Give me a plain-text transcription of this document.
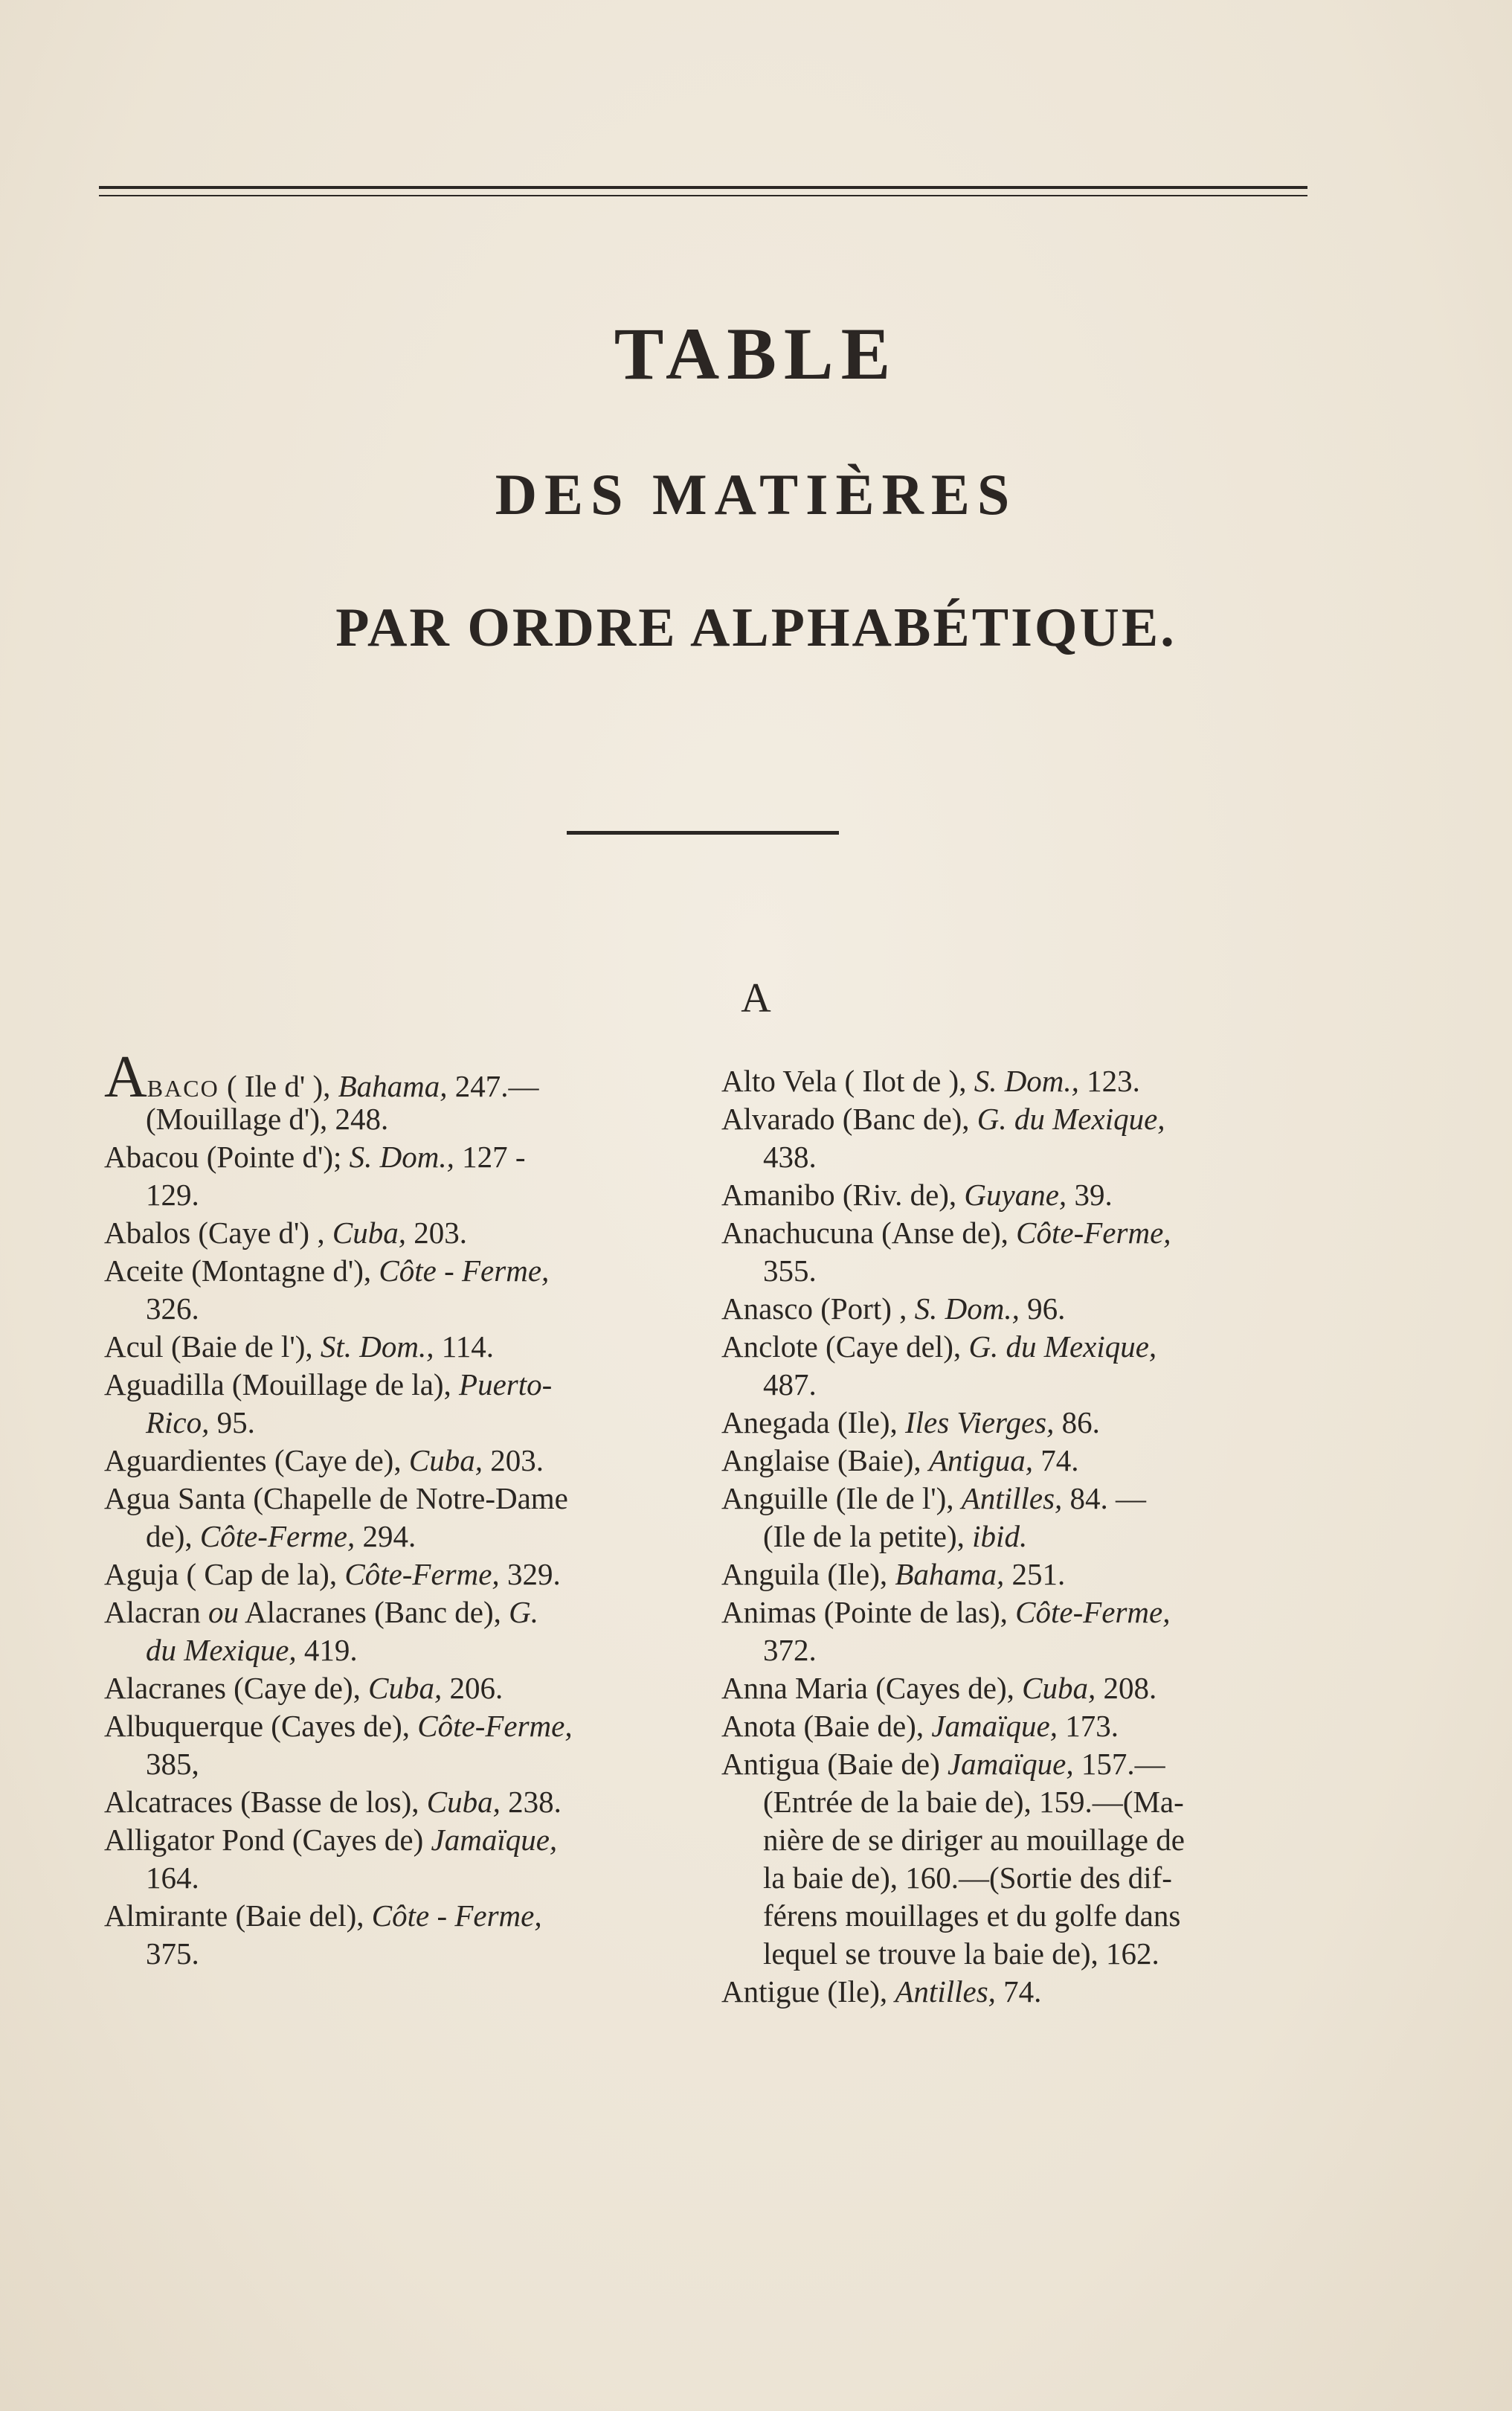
TABLE
DES MATIÈRES
PAR ORDRE ALPHABÉTIQUE.
A
ABACO ( Ile d' ), Bahama, 247.—
(Mouillage d'), 248.
Abacou (Pointe d'); S. Dom., 127 -
129.
Abalos (Caye d') , Cuba, 203.
Aceite (Montagne d'), Côte - Ferme,
326.
Acul (Baie de l'), St. Dom., 114.
Aguadilla (Mouillage de la), Puerto-
Rico, 95.
Aguardientes (Caye de), Cuba, 203.
Agua Santa (Chapelle de Notre-Dame
de), Côte-Ferme, 294.
Aguja ( Cap de la), Côte-Ferme, 329.
Alacran ou Alacranes (Banc de), G.
du Mexique, 419.
Alacranes (Caye de), Cuba, 206.
Albuquerque (Cayes de), Côte-Ferme,
385,
Alcatraces (Basse de los), Cuba, 238.
Alligator Pond (Cayes de) Jamaïque,
164.
Almirante (Baie del), Côte - Ferme,
375.
Alto Vela ( Ilot de ), S. Dom., 123.
Alvarado (Banc de), G. du Mexique,
438.
Amanibo (Riv. de), Guyane, 39.
Anachucuna (Anse de), Côte-Ferme,
355.
Anasco (Port) , S. Dom., 96.
Anclote (Caye del), G. du Mexique,
487.
Anegada (Ile), Iles Vierges, 86.
Anglaise (Baie), Antigua, 74.
Anguille (Ile de l'), Antilles, 84. —
(Ile de la petite), ibid.
Anguila (Ile), Bahama, 251.
Animas (Pointe de las), Côte-Ferme,
372.
Anna Maria (Cayes de), Cuba, 208.
Anota (Baie de), Jamaïque, 173.
Antigua (Baie de) Jamaïque, 157.—
(Entrée de la baie de), 159.—(Ma-
nière de se diriger au mouillage de
la baie de), 160.—(Sortie des dif-
férens mouillages et du golfe dans
lequel se trouve la baie de), 162.
Antigue (Ile), Antilles, 74.
